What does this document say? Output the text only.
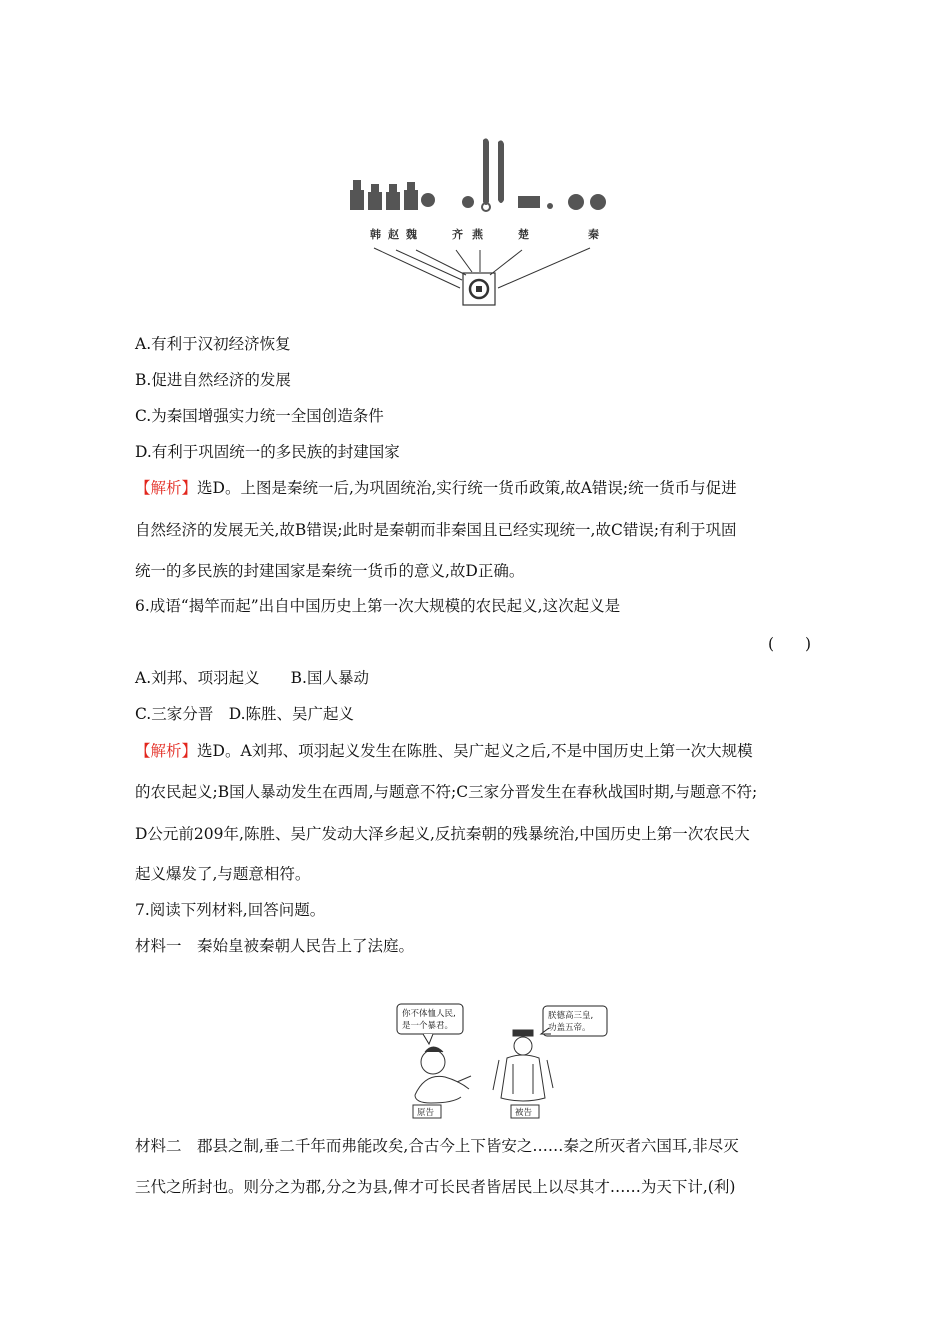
韩 赵 魏	齐 燕	楚	秦
A.有利于汉初经济恢复
B.促进自然经济的发展
C.为秦国增强实力统一全国创造条件
D.有利于巩固统一的多民族的封建国家
【解析】选D。上图是秦统一后,为巩固统治,实行统一货币政策,故A错误;统一货币与促进
自然经济的发展无关,故B错误;此时是秦朝而非秦国且已经实现统一,故C错误;有利于巩固
统一的多民族的封建国家是秦统一货币的意义,故D正确。
6.成语“揭竿而起”出自中国历史上第一次大规模的农民起义,这次起义是
(　　)
A.刘邦、项羽起义　　B.国人暴动
C.三家分晋　D.陈胜、吴广起义
【解析】选D。A刘邦、项羽起义发生在陈胜、吴广起义之后,不是中国历史上第一次大规模
的农民起义;B国人暴动发生在西周,与题意不符;C三家分晋发生在春秋战国时期,与题意不符;
D公元前209年,陈胜、吴广发动大泽乡起义,反抗秦朝的残暴统治,中国历史上第一次农民大
起义爆发了,与题意相符。
7.阅读下列材料,回答问题。
材料一　秦始皇被秦朝人民告上了法庭。
你不体恤人民,
是一个暴君。
朕德高三皇,
功盖五帝。
原告	被告
材料二　郡县之制,垂二千年而弗能改矣,合古今上下皆安之……秦之所灭者六国耳,非尽灭
三代之所封也。则分之为郡,分之为县,俾才可长民者皆居民上以尽其才……为天下计,(利)
